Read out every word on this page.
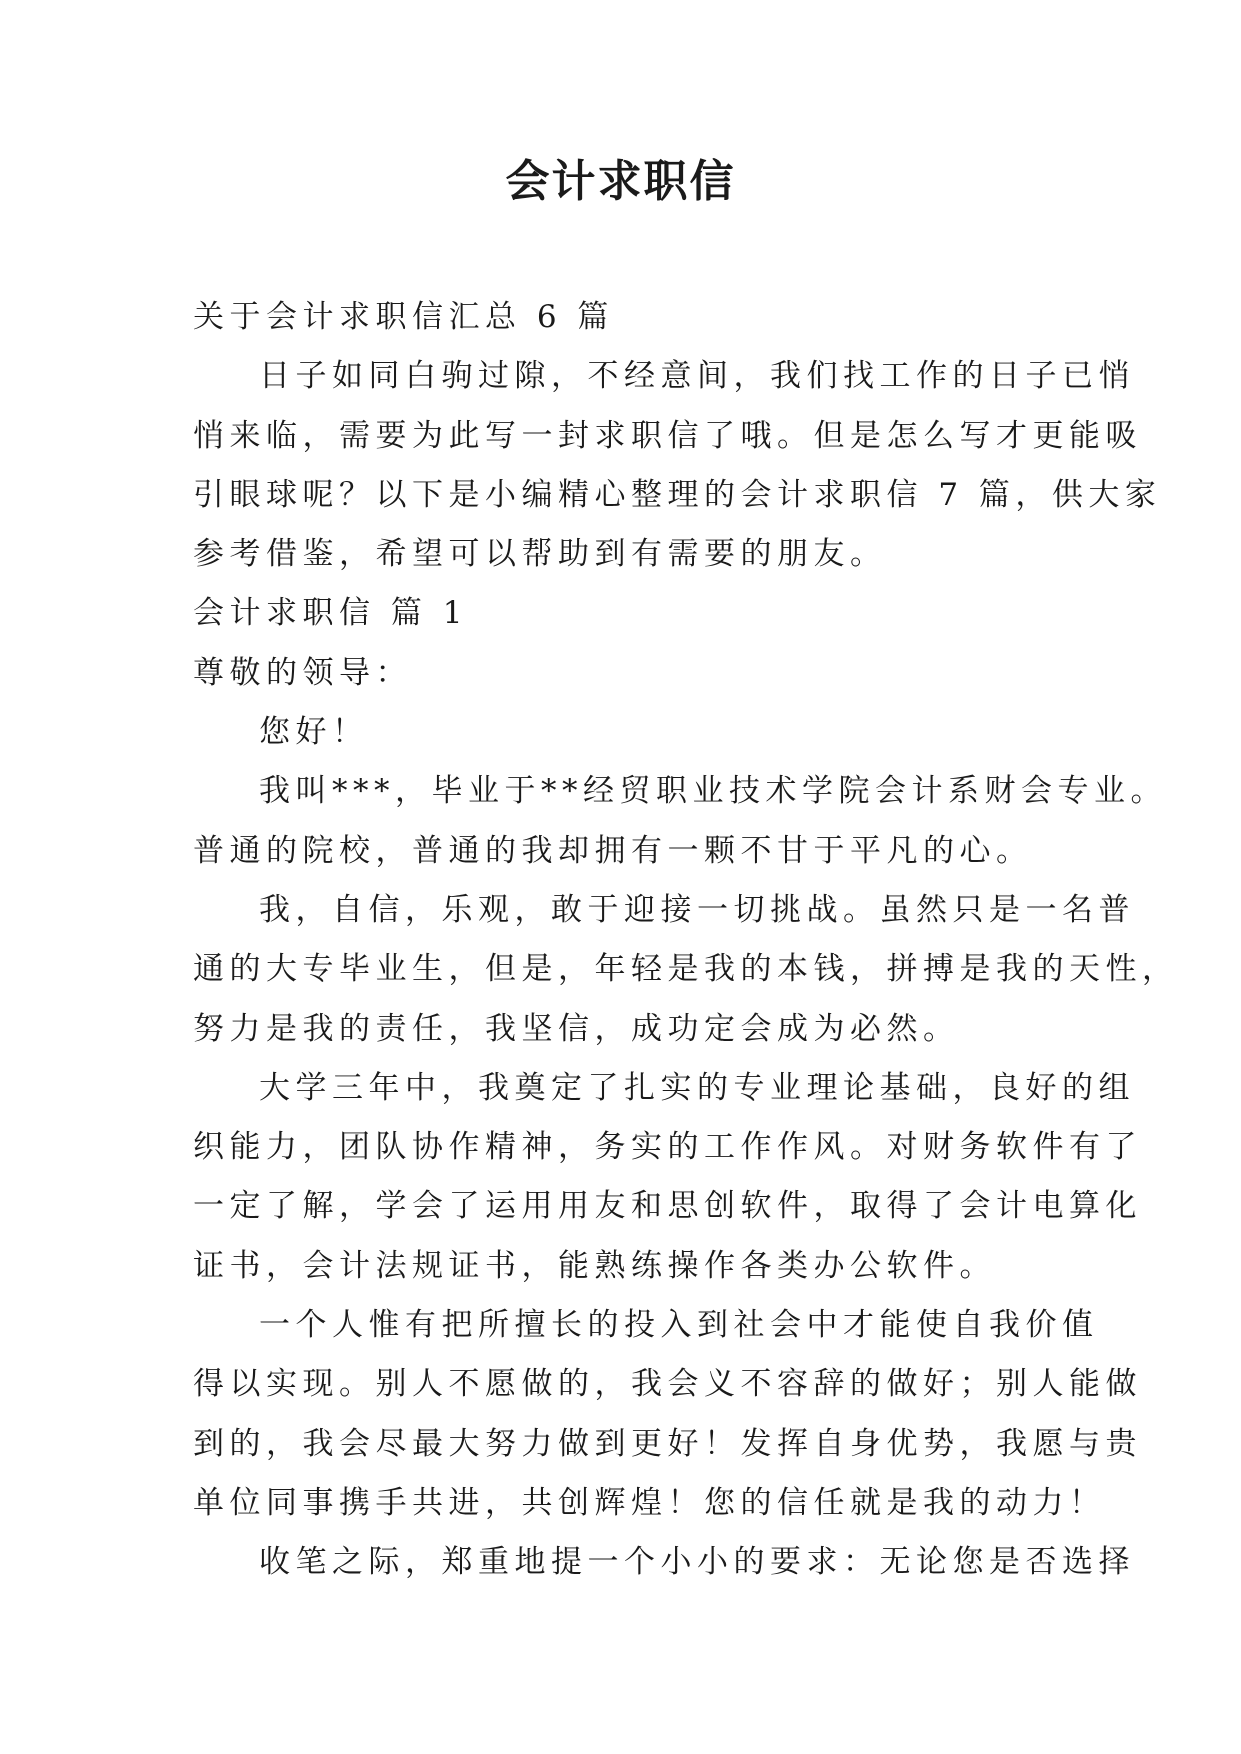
会计求职信
关于会计求职信汇总 6 篇
日子如同白驹过隙，不经意间，我们找工作的日子已悄
悄来临，需要为此写一封求职信了哦。但是怎么写才更能吸
引眼球呢？以下是小编精心整理的会计求职信 7 篇，供大家
参考借鉴，希望可以帮助到有需要的朋友。
会计求职信 篇 1
尊敬的领导：
您好！
我叫***，毕业于**经贸职业技术学院会计系财会专业。
普通的院校，普通的我却拥有一颗不甘于平凡的心。
我，自信，乐观，敢于迎接一切挑战。虽然只是一名普
通的大专毕业生，但是，年轻是我的本钱，拼搏是我的天性，
努力是我的责任，我坚信，成功定会成为必然。
大学三年中，我奠定了扎实的专业理论基础，良好的组
织能力，团队协作精神，务实的工作作风。对财务软件有了
一定了解，学会了运用用友和思创软件，取得了会计电算化
证书，会计法规证书，能熟练操作各类办公软件。
一个人惟有把所擅长的投入到社会中才能使自我价值
得以实现。别人不愿做的，我会义不容辞的做好；别人能做
到的，我会尽最大努力做到更好！发挥自身优势，我愿与贵
单位同事携手共进，共创辉煌！您的信任就是我的动力！
收笔之际，郑重地提一个小小的要求：无论您是否选择
